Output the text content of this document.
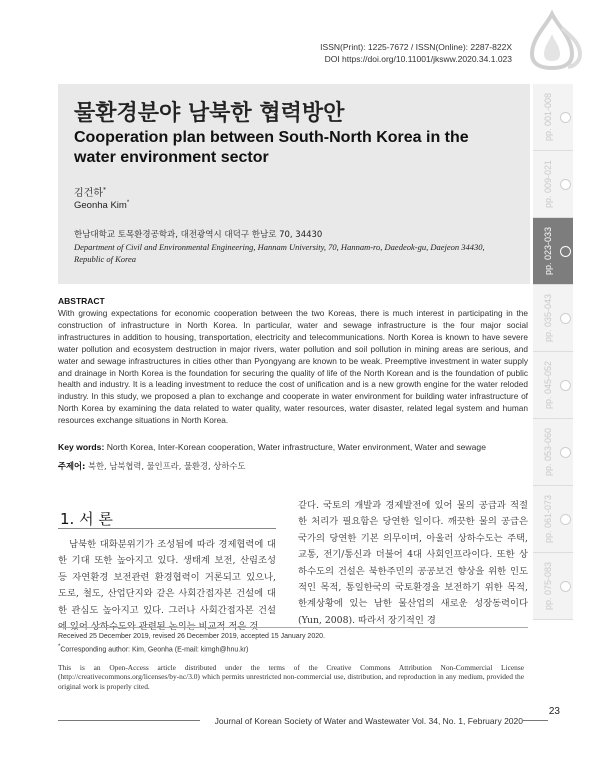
ISSN(Print): 1225-7672 / ISSN(Online): 2287-822X
DOI https://doi.org/10.11001/jksww.2020.34.1.023
물환경분야 남북한 협력방안
Cooperation plan between South-North Korea in the water environment sector
김건하*
Geonha Kim*
한남대학교 토목환경공학과, 대전광역시 대덕구 한남로 70, 34430
Department of Civil and Environmental Engineering, Hannam University, 70, Hannam-ro, Daedeok-gu, Daejeon 34430, Republic of Korea
pp. 001-008
pp. 009-021
pp. 023-033
pp. 035-043
pp. 045-052
pp. 053-060
pp. 061-073
pp. 075-083
ABSTRACT
With growing expectations for economic cooperation between the two Koreas, there is much interest in participating in the construction of infrastructure in North Korea. In particular, water and sewage infrastructure is the four major social infrastructures in addition to housing, transportation, electricity and telecommunications. North Korea is known to have severe water pollution and ecosystem destruction in major rivers, water pollution and soil pollution in mining areas are serious, and water and sewage infrastructures in cities other than Pyongyang are known to be weak. Preemptive investment in water supply and drainage in North Korea is the foundation for securing the quality of life of the North Korean and is the foundation of public health and industry. It is a leading investment to reduce the cost of unification and is a new growth engine for the water reloded industry. In this study, we proposed a plan to exchange and cooperate in water environment for building water infrastructure of North Korea by examining the data related to water quality, water resources, water disaster, related legal system and human resources exchange situations in North Korea.
Key words: North Korea, Inter-Korean cooperation, Water infrastructure, Water environment, Water and sewage
주제어: 북한, 남북협력, 물인프라, 물환경, 상하수도
1. 서 론

남북한 대화분위기가 조성됨에 따라 경제협력에 대한 기대 또한 높아지고 있다. 생태계 보전, 산림조성 등 자연환경 보전관련 환경협력이 거론되고 있으나, 도로, 철도, 산업단지와 같은 사회간접자본 건설에 대한 관심도 높아지고 있다. 그러나 사회간접자본 건설

같다. 국토의 개발과 경제발전에 있어 물의 공급과 적절한 처리가 필요함은 당연한 일이다. 깨끗한 물의 공급은 국가의 당연한 기본 의무이며, 아울러 상하수도는 주택, 교통, 전기/통신과 더불어 4대 사회인프라이다. 또한 상하수도의 건설은 북한주민의 공공보건 향상을 위한 인도적인 목적, 통일한국의 국토환경을 보전하기 위한 목적, 한계상황에 있는 남한 물산업의 새로운 성장동력이다 (Yun, 2008). 따라서 장기적인 경

Received 25 December 2019, revised 26 December 2019, accepted 15 January 2020.
*Corresponding author: Kim, Geonha (E-mail: kimgh@hnu.kr)
This is an Open-Access article distributed under the terms of the Creative Commons Attribution Non-Commercial License (http://creativecommons.org/licenses/by-nc/3.0) which permits unrestricted non-commercial use, distribution, and reproduction in any medium, provided the original work is properly cited.
23
Journal of Korean Society of Water and Wastewater Vol. 34, No. 1, February 2020
